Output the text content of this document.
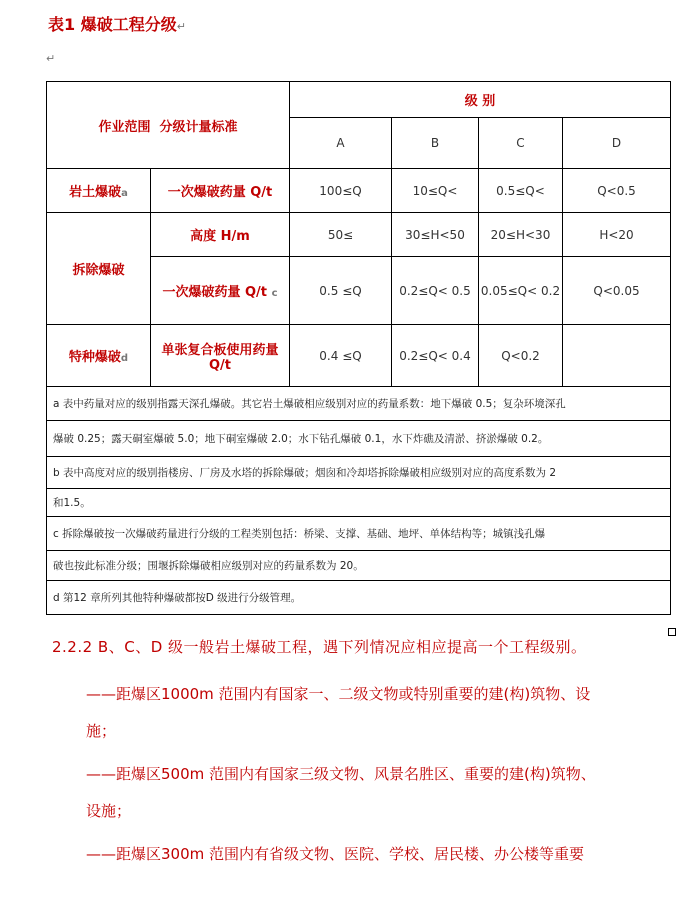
表1 爆破工程分级↵
↵
作业范围 分级计量标准		级 别			
		A	B	C	D
岩土爆破a	一次爆破药量 Q/t	100≤Q	10≤Q<	0.5≤Q<	Q<0.5
拆除爆破	高度 H/m	50≤	30≤H<50	20≤H<30	H<20
	一次爆破药量 Q/t c	0.5 ≤Q	0.2≤Q< 0.5	0.05≤Q< 0.2	Q<0.05
特种爆破d	单张复合板使用药量 Q/t	0.4 ≤Q	0.2≤Q< 0.4	Q<0.2	
a 表中药量对应的级别指露天深孔爆破。其它岩土爆破相应级别对应的药量系数：地下爆破 0.5；复杂环境深孔					
爆破 0.25；露天硐室爆破 5.0；地下硐室爆破 2.0；水下钻孔爆破 0.1，水下炸礁及清淤、挤淤爆破 0.2。					
b 表中高度对应的级别指楼房、厂房及水塔的拆除爆破；烟囱和冷却塔拆除爆破相应级别对应的高度系数为 2					
和1.5。					
c 拆除爆破按一次爆破药量进行分级的工程类别包括：桥梁、支撑、基础、地坪、单体结构等；城镇浅孔爆					
破也按此标准分级；围堰拆除爆破相应级别对应的药量系数为 20。					
d 第12 章所列其他特种爆破都按D 级进行分级管理。					
2.2.2 B、C、D 级一般岩土爆破工程，遇下列情况应相应提高一个工程级别。
——距爆区1000m 范围内有国家一、二级文物或特别重要的建(构)筑物、设
施；
——距爆区500m 范围内有国家三级文物、风景名胜区、重要的建(构)筑物、
设施；
——距爆区300m 范围内有省级文物、医院、学校、居民楼、办公楼等重要
